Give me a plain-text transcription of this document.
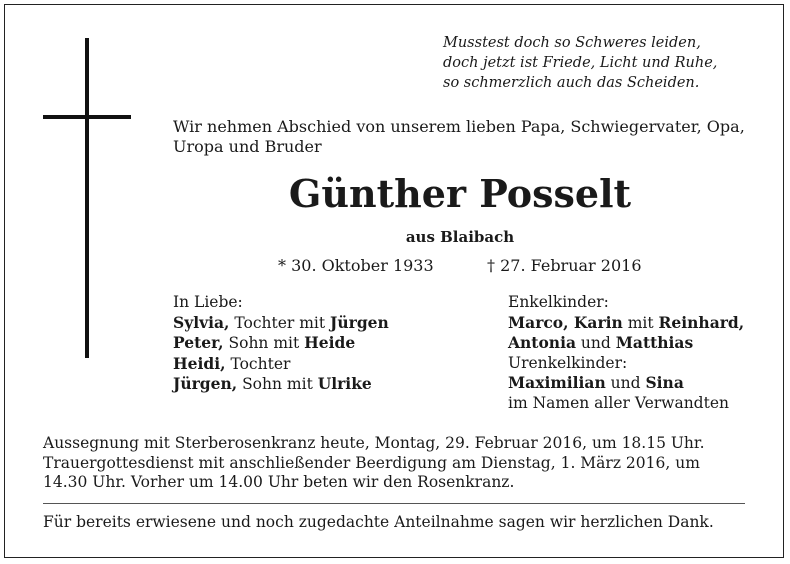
Musstest doch so Schweres leiden,
doch jetzt ist Friede, Licht und Ruhe,
so schmerzlich auch das Scheiden.
Wir nehmen Abschied von unserem lieben Papa, Schwiegervater, Opa,
Uropa und Bruder
Günther Posselt
aus Blaibach
* 30. Oktober 1933	† 27. Februar 2016
In Liebe:
Sylvia, Tochter mit Jürgen
Peter, Sohn mit Heide
Heidi, Tochter
Jürgen, Sohn mit Ulrike
Enkelkinder:
Marco, Karin mit Reinhard,
Antonia und Matthias
Urenkelkinder:
Maximilian und Sina
im Namen aller Verwandten
Aussegnung mit Sterberosenkranz heute, Montag, 29. Februar 2016, um 18.15 Uhr.
Trauergottesdienst mit anschließender Beerdigung am Dienstag, 1. März 2016, um
14.30 Uhr. Vorher um 14.00 Uhr beten wir den Rosenkranz.
Für bereits erwiesene und noch zugedachte Anteilnahme sagen wir herzlichen Dank.
